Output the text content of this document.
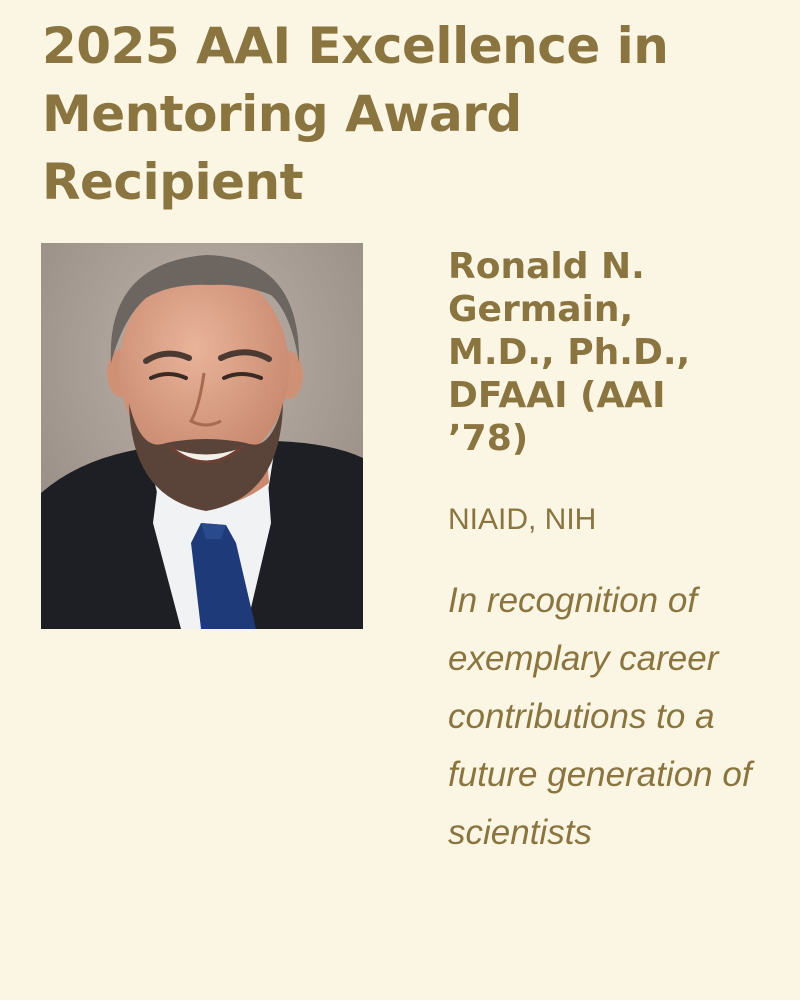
2025 AAI Excellence in Mentoring Award Recipient
Ronald N. Germain, M.D., Ph.D., DFAAI (AAI ’78)

NIAID, NIH

In recognition of exemplary career contributions to a future generation of scientists
